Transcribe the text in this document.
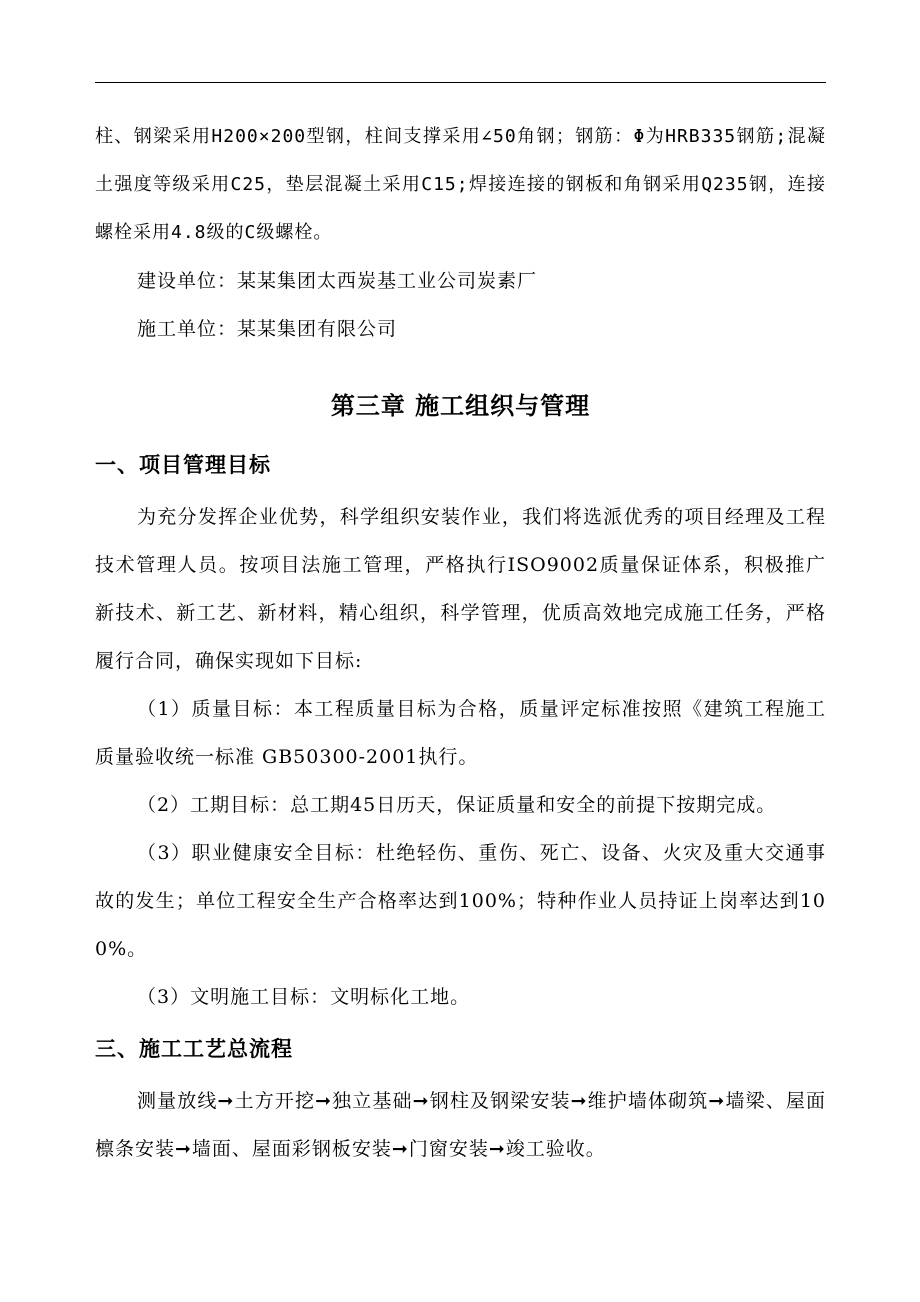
柱、钢梁采用H200×200型钢，柱间支撑采用∠50角钢；钢筋：Φ为HRB335钢筋;混凝土强度等级采用C25，垫层混凝土采用C15;焊接连接的钢板和角钢采用Q235钢，连接螺栓采用4.8级的C级螺栓。

建设单位：某某集团太西炭基工业公司炭素厂

施工单位：某某集团有限公司

第三章 施工组织与管理
一、项目管理目标

为充分发挥企业优势，科学组织安装作业，我们将选派优秀的项目经理及工程技术管理人员。按项目法施工管理，严格执行ISO9002质量保证体系，积极推广新技术、新工艺、新材料，精心组织，科学管理，优质高效地完成施工任务，严格履行合同，确保实现如下目标:

（1）质量目标：本工程质量目标为合格，质量评定标准按照《建筑工程施工质量验收统一标准 GB50300-2001执行。

（2）工期目标：总工期45日历天，保证质量和安全的前提下按期完成。

（3）职业健康安全目标：杜绝轻伤、重伤、死亡、设备、火灾及重大交通事故的发生；单位工程安全生产合格率达到100%；特种作业人员持证上岗率达到100%。

（3）文明施工目标：文明标化工地。

三、施工工艺总流程

测量放线➞土方开挖➞独立基础➞钢柱及钢梁安装➞维护墙体砌筑➞墙梁、屋面檩条安装➞墙面、屋面彩钢板安装➞门窗安装➞竣工验收。
